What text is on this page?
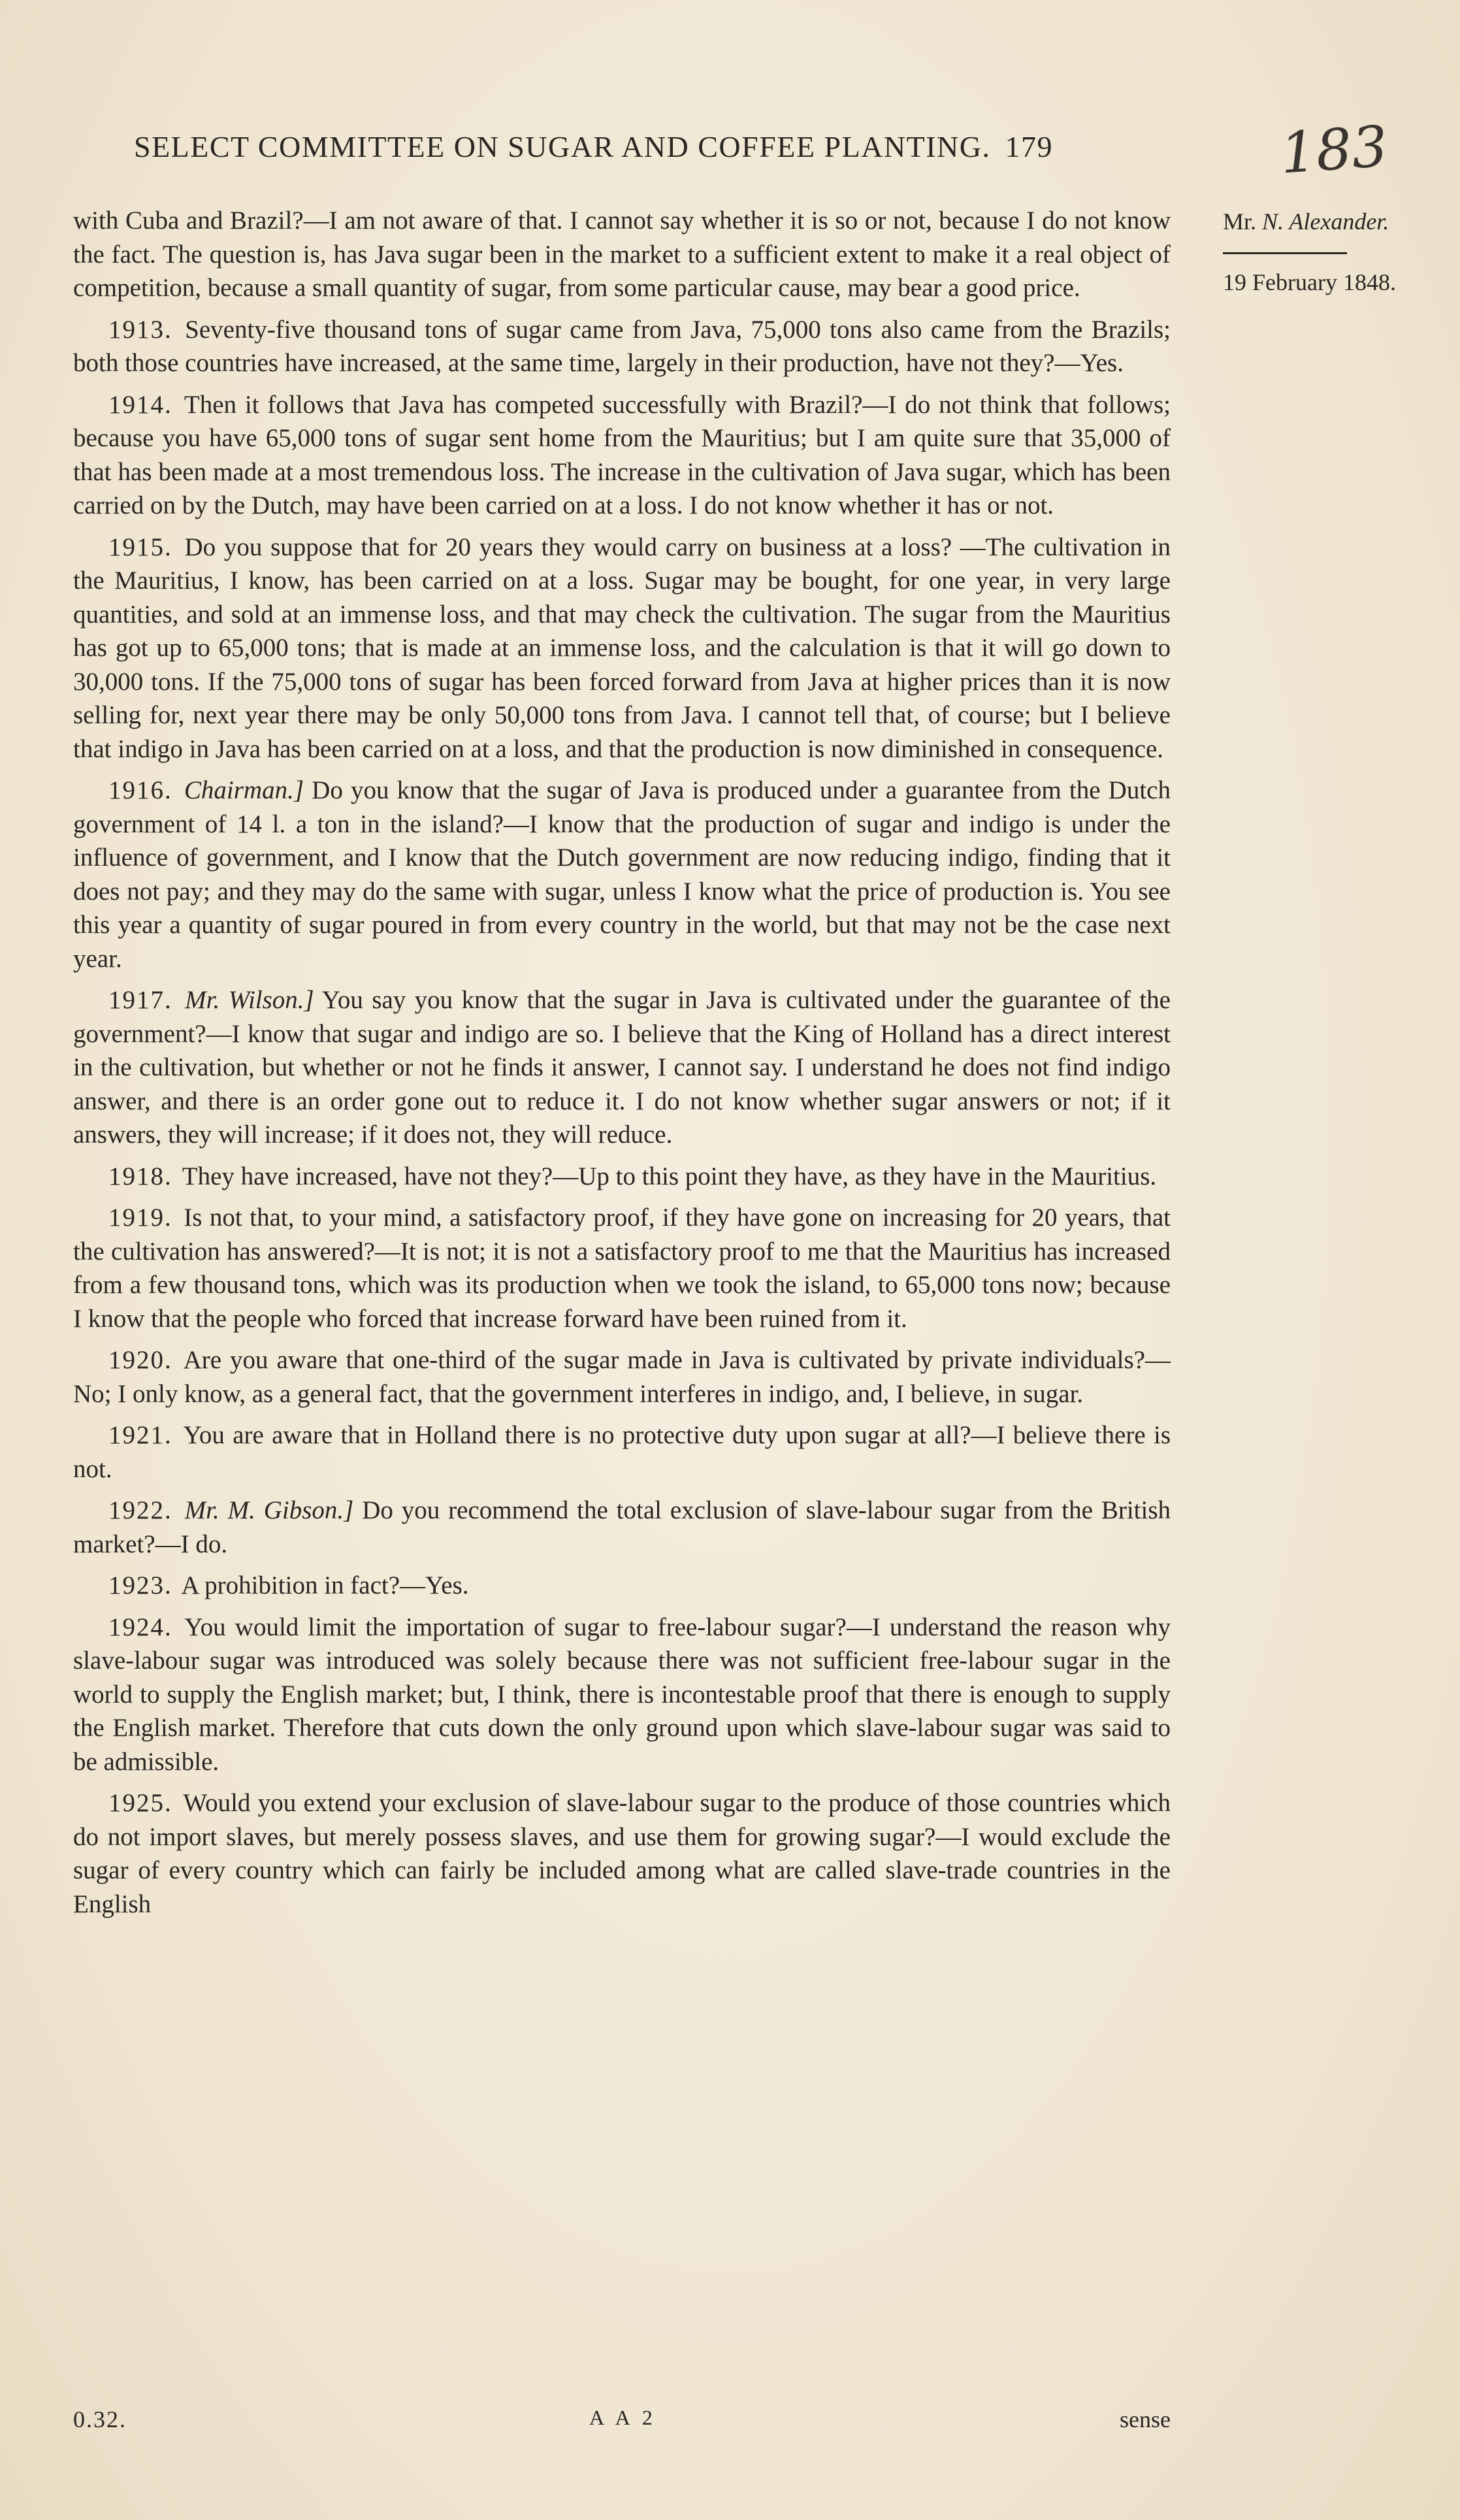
SELECT COMMITTEE ON SUGAR AND COFFEE PLANTING. 179	183
Mr. N. Alexander.
19 February 1848.

with Cuba and Brazil?—I am not aware of that. I cannot say whether it is so or not, because I do not know the fact. The question is, has Java sugar been in the market to a sufficient extent to make it a real object of competition, because a small quantity of sugar, from some particular cause, may bear a good price.

1913. Seventy-five thousand tons of sugar came from Java, 75,000 tons also came from the Brazils; both those countries have increased, at the same time, largely in their production, have not they?—Yes.

1914. Then it follows that Java has competed successfully with Brazil?—I do not think that follows; because you have 65,000 tons of sugar sent home from the Mauritius; but I am quite sure that 35,000 of that has been made at a most tremendous loss. The increase in the cultivation of Java sugar, which has been carried on by the Dutch, may have been carried on at a loss. I do not know whether it has or not.

1915. Do you suppose that for 20 years they would carry on business at a loss? —The cultivation in the Mauritius, I know, has been carried on at a loss. Sugar may be bought, for one year, in very large quantities, and sold at an immense loss, and that may check the cultivation. The sugar from the Mauritius has got up to 65,000 tons; that is made at an immense loss, and the calculation is that it will go down to 30,000 tons. If the 75,000 tons of sugar has been forced forward from Java at higher prices than it is now selling for, next year there may be only 50,000 tons from Java. I cannot tell that, of course; but I believe that indigo in Java has been carried on at a loss, and that the production is now diminished in consequence.

1916. Chairman.] Do you know that the sugar of Java is produced under a guarantee from the Dutch government of 14 l. a ton in the island?—I know that the production of sugar and indigo is under the influence of government, and I know that the Dutch government are now reducing indigo, finding that it does not pay; and they may do the same with sugar, unless I know what the price of production is. You see this year a quantity of sugar poured in from every country in the world, but that may not be the case next year.

1917. Mr. Wilson.] You say you know that the sugar in Java is cultivated under the guarantee of the government?—I know that sugar and indigo are so. I believe that the King of Holland has a direct interest in the cultivation, but whether or not he finds it answer, I cannot say. I understand he does not find indigo answer, and there is an order gone out to reduce it. I do not know whether sugar answers or not; if it answers, they will increase; if it does not, they will reduce.

1918. They have increased, have not they?—Up to this point they have, as they have in the Mauritius.

1919. Is not that, to your mind, a satisfactory proof, if they have gone on increasing for 20 years, that the cultivation has answered?—It is not; it is not a satisfactory proof to me that the Mauritius has increased from a few thousand tons, which was its production when we took the island, to 65,000 tons now; because I know that the people who forced that increase forward have been ruined from it.

1920. Are you aware that one-third of the sugar made in Java is cultivated by private individuals?—No; I only know, as a general fact, that the government interferes in indigo, and, I believe, in sugar.

1921. You are aware that in Holland there is no protective duty upon sugar at all?—I believe there is not.

1922. Mr. M. Gibson.] Do you recommend the total exclusion of slave-labour sugar from the British market?—I do.

1923. A prohibition in fact?—Yes.

1924. You would limit the importation of sugar to free-labour sugar?—I understand the reason why slave-labour sugar was introduced was solely because there was not sufficient free-labour sugar in the world to supply the English market; but, I think, there is incontestable proof that there is enough to supply the English market. Therefore that cuts down the only ground upon which slave-labour sugar was said to be admissible.

1925. Would you extend your exclusion of slave-labour sugar to the produce of those countries which do not import slaves, but merely possess slaves, and use them for growing sugar?—I would exclude the sugar of every country which can fairly be included among what are called slave-trade countries in the English

0.32.	A A 2	sense
